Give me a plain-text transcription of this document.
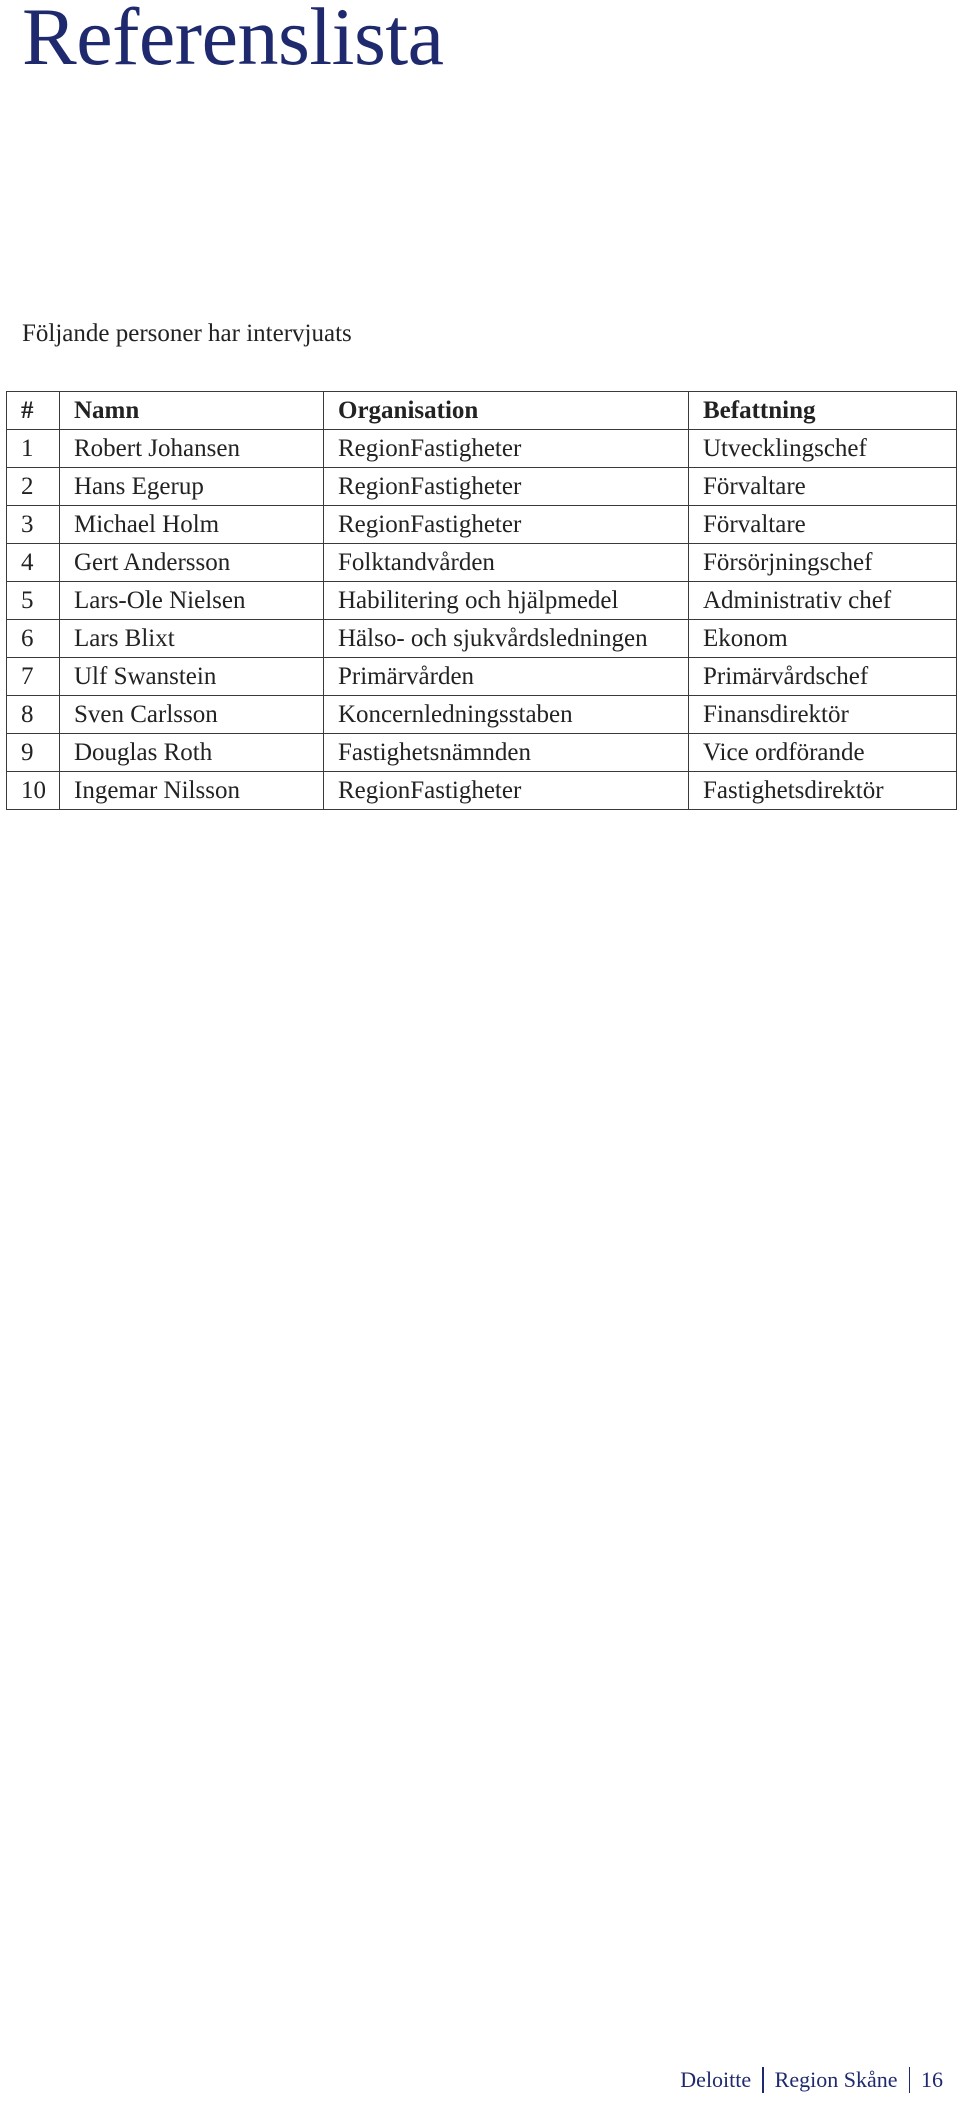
Referenslista

Följande personer har intervjuats

#	Namn	Organisation	Befattning
1	Robert Johansen	RegionFastigheter	Utvecklingschef
2	Hans Egerup	RegionFastigheter	Förvaltare
3	Michael Holm	RegionFastigheter	Förvaltare
4	Gert Andersson	Folktandvården	Försörjningschef
5	Lars-Ole Nielsen	Habilitering och hjälpmedel	Administrativ chef
6	Lars Blixt	Hälso- och sjukvårdsledningen	Ekonom
7	Ulf Swanstein	Primärvården	Primärvårdschef
8	Sven Carlsson	Koncernledningsstaben	Finansdirektör
9	Douglas Roth	Fastighetsnämnden	Vice ordförande
10	Ingemar Nilsson	RegionFastigheter	Fastighetsdirektör
Deloitte Region Skåne 16
